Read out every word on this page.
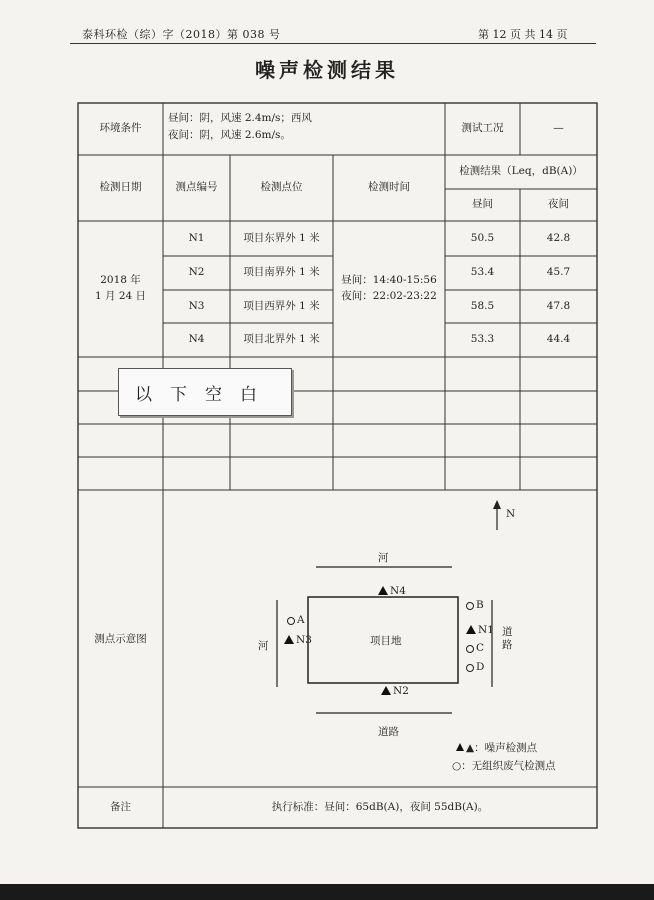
泰科环检（综）字（2018）第 038 号	第 12 页 共 14 页
噪声检测结果
环境条件
昼间：阴，风速 2.4m/s；西风
夜间：阴，风速 2.6m/s。
测试工况	—
检测日期	测点编号	检测点位	检测时间
检测结果（Leq，dB(A)）
昼间	夜间
2018 年
1 月 24 日
昼间：14:40-15:56
夜间：22:02-23:22
N1	项目东界外 1 米	50.5	42.8
N2	项目南界外 1 米	53.4	45.7
N3	项目西界外 1 米	58.5	47.8
N4	项目北界外 1 米	53.3	44.4
以下空白
测点示意图
N
河
河
道
路
道路
项目地
N4
N1
N3
N2
A
B
C
D
▲：噪声检测点
○：无组织废气检测点
备注	执行标准：昼间：65dB(A)，夜间 55dB(A)。
